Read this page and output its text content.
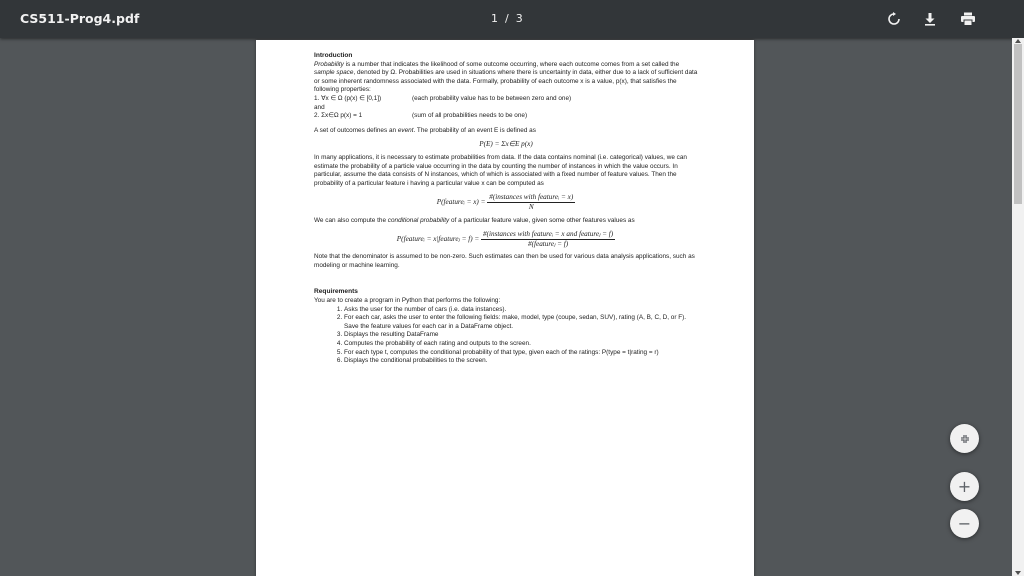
CS511-Prog4.pdf	1 / 3
Introduction

Probability is a number that indicates the likelihood of some outcome occurring, where each outcome comes from a set called the sample space, denoted by Ω. Probabilities are used in situations where there is uncertainty in data, either due to a lack of sufficient data or some inherent randomness associated with the data. Formally, probability of each outcome x is a value, p(x), that satisfies the following properties:

1. ∀x ∈ Ω (p(x) ∈ [0,1])	(each probability value has to be between zero and one)

and

2. Σx∈Ω p(x) = 1	(sum of all probabilities needs to be one)

A set of outcomes defines an event. The probability of an event E is defined as

P(E) = Σx∈E p(x)

In many applications, it is necessary to estimate probabilities from data. If the data contains nominal (i.e. categorical) values, we can estimate the probability of a particle value occurring in the data by counting the number of instances in which the value occurs. In particular, assume the data consists of N instances, which of which is associated with a fixed number of feature values. Then the probability of a particular feature i having a particular value x can be computed as

P(featureᵢ = x) =
$\frac{\text{\#(instances with featureᵢ = x)}}{N}$

We can also compute the conditional probability of a particular feature value, given some other features values as

P(featureᵢ = x|featureⱼ = f) =
$\frac{\text{\#(instances with featureᵢ = x and featureⱼ = f)}}{\text{\#(featureⱼ = f)}}$

Note that the denominator is assumed to be non-zero. Such estimates can then be used for various data analysis applications, such as modeling or machine learning.

Requirements

You are to create a program in Python that performs the following:

1. Asks the user for the number of cars (i.e. data instances).
2. For each car, asks the user to enter the following fields: make, model, type (coupe, sedan, SUV), rating (A, B, C, D, or F). Save the feature values for each car in a DataFrame object.
3. Displays the resulting DataFrame
4. Computes the probability of each rating and outputs to the screen.
5. For each type t, computes the conditional probability of that type, given each of the ratings: P(type = t|rating = r)
6. Displays the conditional probabilities to the screen.
+
−
